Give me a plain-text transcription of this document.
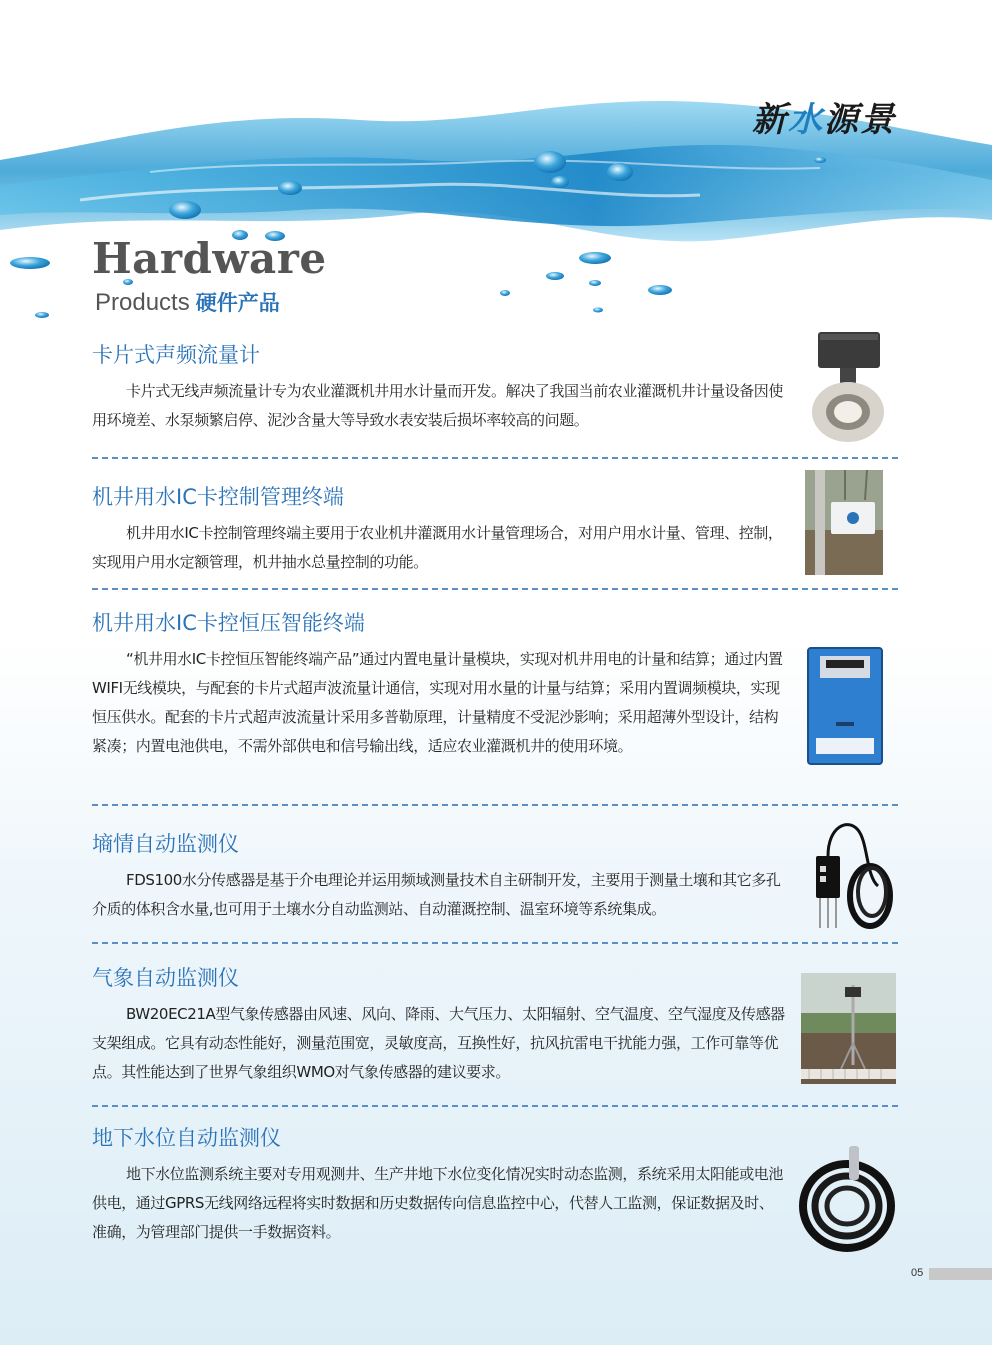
新水源景
Hardware
Products 硬件产品
卡片式声频流量计

卡片式无线声频流量计专为农业灌溉机井用水计量而开发。解决了我国当前农业灌溉机井计量设备因使用环境差、水泵频繁启停、泥沙含量大等导致水表安装后损坏率较高的问题。

机井用水IC卡控制管理终端

机井用水IC卡控制管理终端主要用于农业机井灌溉用水计量管理场合，对用户用水计量、管理、控制，实现用户用水定额管理，机井抽水总量控制的功能。

机井用水IC卡控恒压智能终端

“机井用水IC卡控恒压智能终端产品”通过内置电量计量模块，实现对机井用电的计量和结算；通过内置WIFI无线模块，与配套的卡片式超声波流量计通信，实现对用水量的计量与结算；采用内置调频模块，实现恒压供水。配套的卡片式超声波流量计采用多普勒原理，计量精度不受泥沙影响；采用超薄外型设计，结构紧凑；内置电池供电，不需外部供电和信号输出线，适应农业灌溉机井的使用环境。

墒情自动监测仪

FDS100水分传感器是基于介电理论并运用频域测量技术自主研制开发，主要用于测量土壤和其它多孔介质的体积含水量,也可用于土壤水分自动监测站、自动灌溉控制、温室环境等系统集成。

气象自动监测仪

BW20EC21A型气象传感器由风速、风向、降雨、大气压力、太阳辐射、空气温度、空气湿度及传感器支架组成。它具有动态性能好，测量范围宽，灵敏度高，互换性好，抗风抗雷电干扰能力强，工作可靠等优点。其性能达到了世界气象组织WMO对气象传感器的建议要求。

地下水位自动监测仪

地下水位监测系统主要对专用观测井、生产井地下水位变化情况实时动态监测，系统采用太阳能或电池供电，通过GPRS无线网络远程将实时数据和历史数据传向信息监控中心，代替人工监测，保证数据及时、准确，为管理部门提供一手数据资料。

05
